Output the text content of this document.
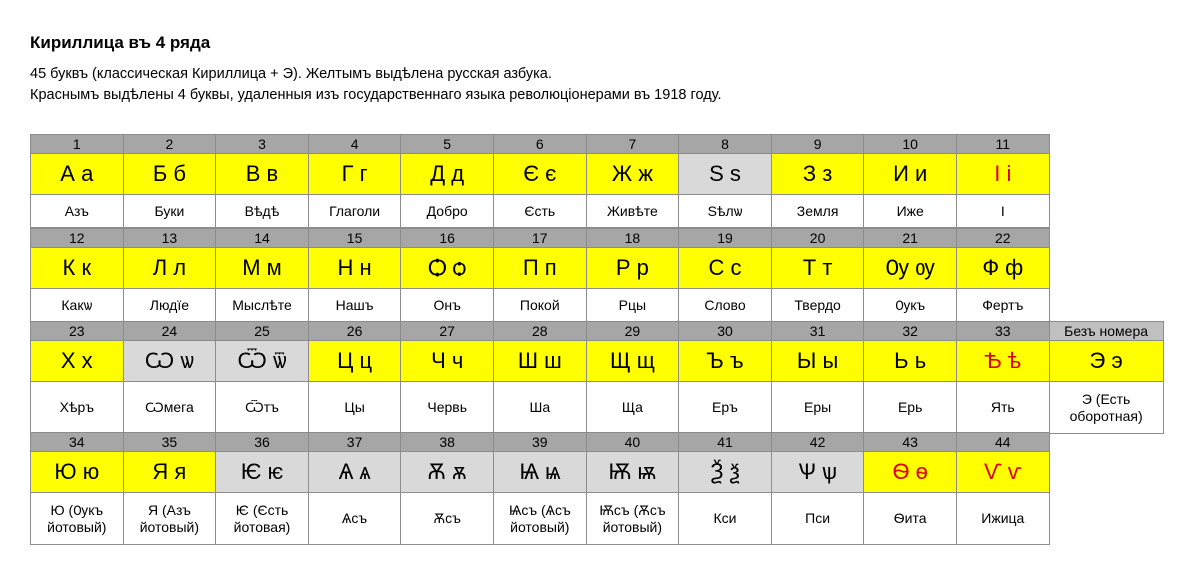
Кириллица въ 4 ряда
45 буквъ (классическая Кириллица + Э). Желтымъ выдѣлена русская азбука.
Краснымъ выдѣлены 4 буквы, удаленныя изъ государственнаго языка революціонерами въ 1918 году.
1
А а
Азъ
2
Б б
Буки
3
В в
Вѣдѣ
4
Г г
Глаголи
5
Д д
Добро
6
Є є
Єсть
7
Ж ж
Живѣте
8
Ѕ ѕ
Ѕѣлѡ
9
З з
Земля
10
И и
Иже
11
І і
І
12
К к
Какѡ
13
Л л
Людїе
14
М м
Мыслѣте
15
Н н
Нашъ
16
Ѻ ѻ
Онъ
17
П п
Покой
18
Р р
Рцы
19
С с
Слово
20
Т т
Твердо
21
Ѹ ѹ
Ѹкъ
22
Ф ф
Фертъ
23
Х х
Хѣръ
24
Ѡ ѡ
Ѡмега
25
Ѿ ѿ
Ѿтъ
26
Ц ц
Цы
27
Ч ч
Червь
28
Ш ш
Ша
29
Щ щ
Ща
30
Ъ ъ
Еръ
31
Ы ы
Еры
32
Ь ь
Ерь
33
Ѣ ѣ
Ять
Безъ номера
Э э
Э (Есть оборотная)
34
Ю ю
Ю (Ѹкъ йотовый)
35
Я я
Я (Азъ йотовый)
36
Ѥ ѥ
Ѥ (Єсть йотовая)
37
Ѧ ѧ
Ѧсъ
38
Ѫ ѫ
Ѫсъ
39
Ѩ ѩ
Ѩсъ (Ѧсъ йотовый)
40
Ѭ ѭ
Ѭсъ (Ѫсъ йотовый)
41
Ѯ ѯ
Кси
42
Ѱ ѱ
Пси
43
Ѳ ѳ
Ѳита
44
Ѵ ѵ
Ижица
